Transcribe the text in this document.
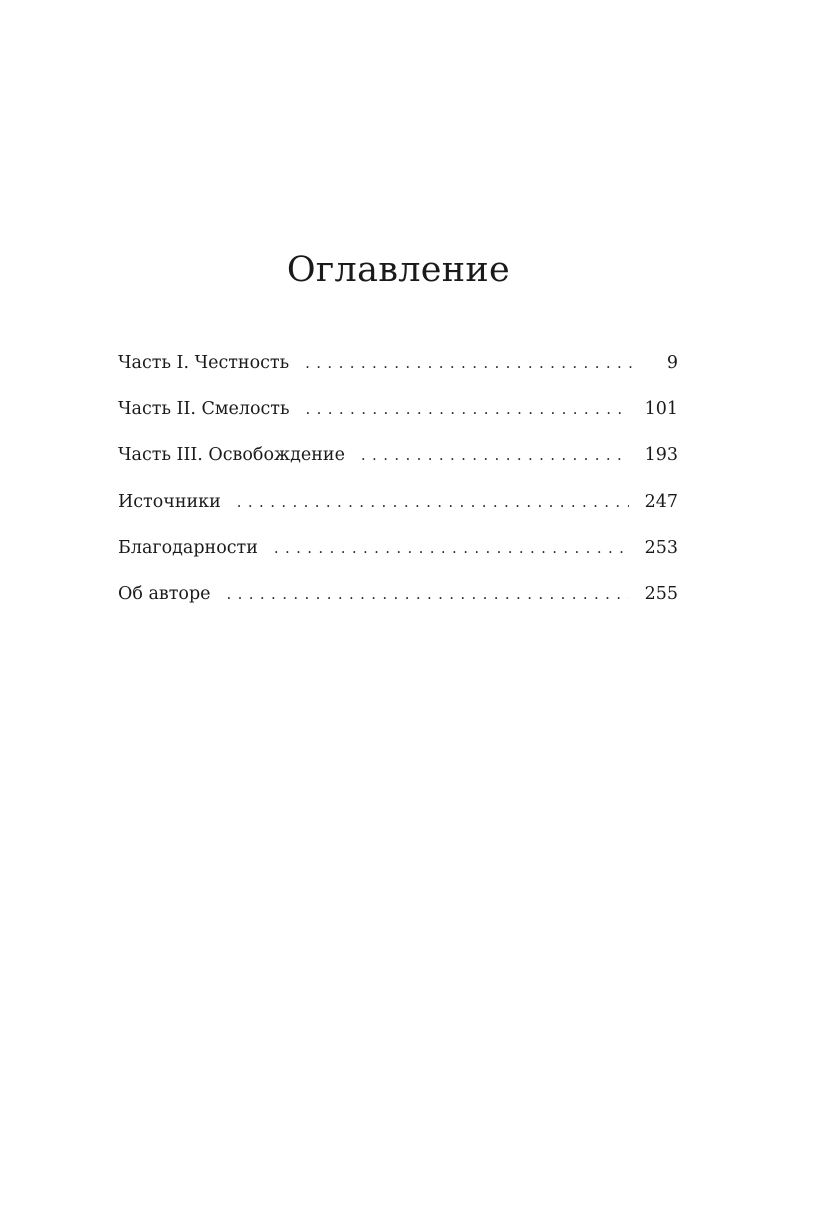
Оглавление
Часть I. Честность . . .	9
Часть II. Смелость . . .	101
Часть III. Освобождение . . .	193
Источники . . .	247
Благодарности . . .	253
Об авторе . . .	255
